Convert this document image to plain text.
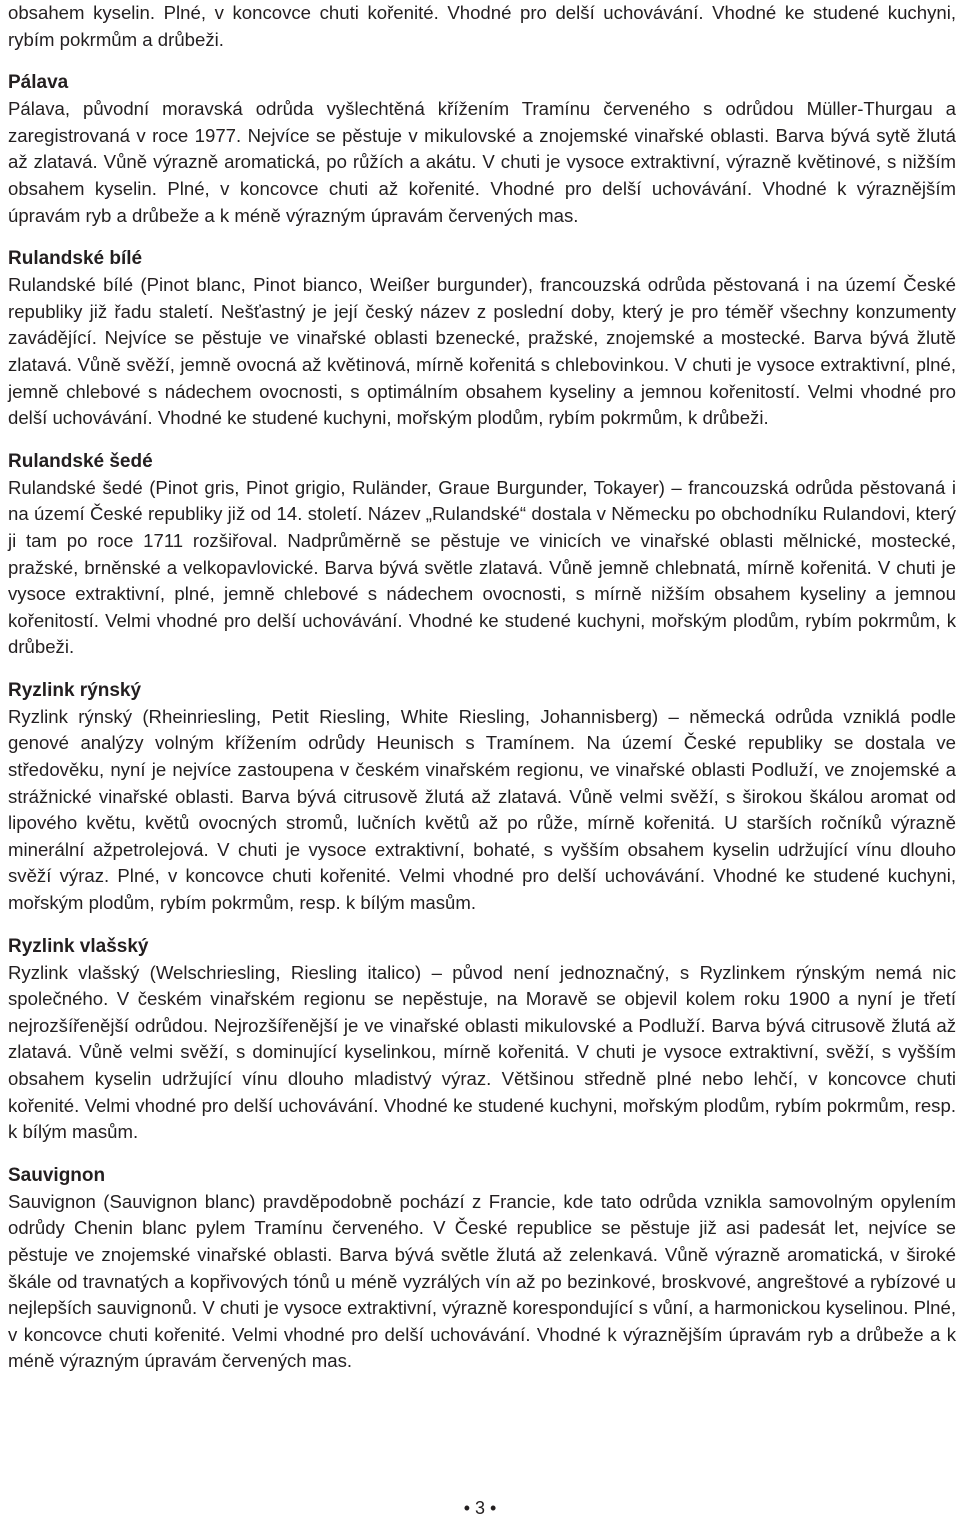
obsahem kyselin. Plné, v koncovce chuti kořenité. Vhodné pro delší uchovávání. Vhodné ke studené kuchyni, rybím pokrmům a drůbeži.

Pálava

Pálava, původní moravská odrůda vyšlechtěná křížením Tramínu červeného s odrůdou Müller-Thurgau a zaregistrovaná v roce 1977. Nejvíce se pěstuje v mikulovské a znojemské vinařské oblasti. Barva bývá sytě žlutá až zlatavá. Vůně výrazně aromatická, po růžích a akátu. V chuti je vysoce extraktivní, výrazně květinové, s nižším obsahem kyselin. Plné, v koncovce chuti až kořenité. Vhodné pro delší uchovávání. Vhodné k výraznějším úpravám ryb a drůbeže a k méně výrazným úpravám červených mas.

Rulandské bílé

Rulandské bílé (Pinot blanc, Pinot bianco, Weißer burgunder), francouzská odrůda pěstovaná i na území České republiky již řadu staletí. Nešťastný je její český název z poslední doby, který je pro téměř všechny konzumenty zavádějící. Nejvíce se pěstuje ve vinařské oblasti bzenecké, pražské, znojemské a mostecké. Barva bývá žlutě zlatavá. Vůně svěží, jemně ovocná až květinová, mírně kořenitá s chlebovinkou. V chuti je vysoce extraktivní, plné, jemně chlebové s nádechem ovocnosti, s optimálním obsahem kyseliny a jemnou kořenitostí. Velmi vhodné pro delší uchovávání. Vhodné ke studené kuchyni, mořským plodům, rybím pokrmům, k drůbeži.

Rulandské šedé

Rulandské šedé (Pinot gris, Pinot grigio, Ruländer, Graue Burgunder, Tokayer) – francouzská odrůda pěstovaná i na území České republiky již od 14. století. Název „Rulandské“ dostala v Německu po obchodníku Rulandovi, který ji tam po roce 1711 rozšiřoval. Nadprůměrně se pěstuje ve vinicích ve vinařské oblasti mělnické, mostecké, pražské, brněnské a velkopavlovické. Barva bývá světle zlatavá. Vůně jemně chlebnatá, mírně kořenitá. V chuti je vysoce extraktivní, plné, jemně chlebové s nádechem ovocnosti, s mírně nižším obsahem kyseliny a jemnou kořenitostí. Velmi vhodné pro delší uchovávání. Vhodné ke studené kuchyni, mořským plodům, rybím pokrmům, k drůbeži.

Ryzlink rýnský

Ryzlink rýnský (Rheinriesling, Petit Riesling, White Riesling, Johannisberg) – německá odrůda vzniklá podle genové analýzy volným křížením odrůdy Heunisch s Tramínem. Na území České republiky se dostala ve středověku, nyní je nejvíce zastoupena v českém vinařském regionu, ve vinařské oblasti Podluží, ve znojemské a strážnické vinařské oblasti. Barva bývá citrusově žlutá až zlatavá. Vůně velmi svěží, s širokou škálou aromat od lipového květu, květů ovocných stromů, lučních květů až po růže, mírně kořenitá. U starších ročníků výrazně minerální ažpetrolejová. V chuti je vysoce extraktivní, bohaté, s vyšším obsahem kyselin udržující vínu dlouho svěží výraz. Plné, v koncovce chuti kořenité. Velmi vhodné pro delší uchovávání. Vhodné ke studené kuchyni, mořským plodům, rybím pokrmům, resp. k bílým masům.

Ryzlink vlašský

Ryzlink vlašský (Welschriesling, Riesling italico) – původ není jednoznačný, s Ryzlinkem rýnským nemá nic společného. V českém vinařském regionu se nepěstuje, na Moravě se objevil kolem roku 1900 a nyní je třetí nejrozšířenější odrůdou. Nejrozšířenější je ve vinařské oblasti mikulovské a Podluží. Barva bývá citrusově žlutá až zlatavá. Vůně velmi svěží, s dominující kyselinkou, mírně kořenitá. V chuti je vysoce extraktivní, svěží, s vyšším obsahem kyselin udržující vínu dlouho mladistvý výraz. Většinou středně plné nebo lehčí, v koncovce chuti kořenité. Velmi vhodné pro delší uchovávání. Vhodné ke studené kuchyni, mořským plodům, rybím pokrmům, resp. k bílým masům.

Sauvignon

Sauvignon (Sauvignon blanc) pravděpodobně pochází z Francie, kde tato odrůda vznikla samovolným opylením odrůdy Chenin blanc pylem Tramínu červeného. V České republice se pěstuje již asi padesát let, nejvíce se pěstuje ve znojemské vinařské oblasti. Barva bývá světle žlutá až zelenkavá. Vůně výrazně aromatická, v široké škále od travnatých a kopřivových tónů u méně vyzrálých vín až po bezinkové, broskvové, angreštové a rybízové u nejlepších sauvignonů. V chuti je vysoce extraktivní, výrazně korespondující s vůní, a harmonickou kyselinou. Plné, v koncovce chuti kořenité. Velmi vhodné pro delší uchovávání. Vhodné k výraznějším úpravám ryb a drůbeže a k méně výrazným úpravám červených mas.

• 3 •
